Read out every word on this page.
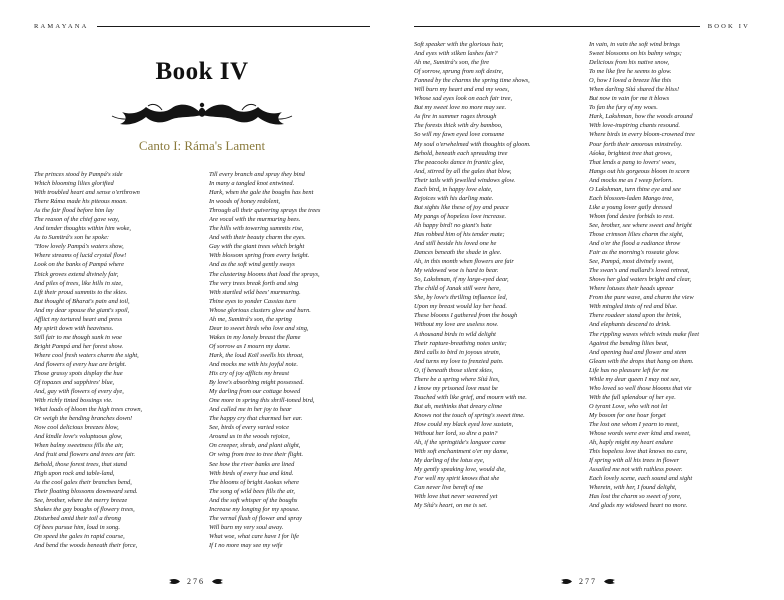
RAMAYANA
Book IV
Canto I: Ráma's Lament
The princes stood by Pampá's side
Which blooming lilies glorified
With troubled heart and sense o'erthrown
There Ráma made his piteous moan.
As the fair flood before him lay
The reason of the chief gave way,
And tender thoughts within him woke,
As to Sumitrá's son he spoke:
"How lovely Pampá's waters show,
Where streams of lucid crystal flow!
Look on the banks of Pampá where
Thick groves extend divinely fair,
And piles of trees, like hills in size,
Lift their proud summits to the skies.
But thought of Bharat's pain and toil,
And my dear spouse the giant's spoil,
Afflict my tortured heart and press
My spirit down with heaviness.
Still fair to me though sunk in woe
Bright Pampá and her forest show.
Where cool fresh waters charm the sight,
And flowers of every hue are bright.
Those grassy spots display the hue
Of topazes and sapphires' blue,
And, gay with flowers of every dye,
With richly tinted bossings vie.
What loads of bloom the high trees crown,
Or weigh the bending branches down!
Now cool delicious breezes blow,
And kindle love's voluptuous glow,
When balmy sweetness fills the air,
And fruit and flowers and trees are fair.
Behold, those forest trees, that stand
High upon rock and table-land,
As the cool gales their branches bend,
Their floating blossoms downward send.
See, brother, where the merry breeze
Shakes the gay boughs of flowery trees,
Disturbed amid their toil a throng
Of bees pursue him, loud in song.
On speed the gales in rapid course,
And bend the woods beneath their force,
Till every branch and spray they bind
In many a tangled knot entwined.
Hark, when the gale the boughs has bent
In woods of honey redolent,
Through all their quivering sprays the trees
Are vocal with the murmuring bees.
The hills with towering summits rise,
And with their beauty charm the eyes.
Gay with the giant trees which bright
With blossom spring from every height.
And as the soft wind gently sways
The clustering blooms that load the sprays,
The very trees break forth and sing
With startled wild bees' murmuring.
Thine eyes to yonder Cassias turn
Whose glorious clusters glow and burn.
Ah me, Sumitrá's son, the spring
Dear to sweet birds who love and sing,
Wakes in my lonely breast the flame
Of sorrow as I mourn my dame.
Hark, the loud Koïl swells his throat,
And mocks me with his joyful note.
His cry of joy afflicts my breast
By love's absorbing might possessed.
My darling from our cottage bowed
One more in spring this shrill-toned bird,
And called me in her joy to hear
The happy cry that charmed her ear.
See, birds of every varied voice
Around us in the woods rejoice,
On creeper, shrub, and plant alight,
Or wing from tree to tree their flight.
See how the river banks are lined
With birds of every hue and kind.
The blooms of bright Asokas where
The song of wild bees fills the air,
And the soft whisper of the boughs
Increase my longing for my spouse.
The vernal flush of flower and spray
Will burn my very soul away.
What woe, what care have I for life
If I no more may see my wife
276
BOOK IV
Soft speaker with the glorious hair,
And eyes with silken lashes fair?
Ah me, Sumitrá's son, the fire
Of sorrow, sprung from soft desire,
Fanned by the charms the spring time shows,
Will burn my heart and end my woes,
Whose sad eyes look on each fair tree,
But my sweet love no more may see.
As fire in summer rages through
The forests thick with dry bamboo,
So will my fawn eyed love consume
My soul o'erwhelmed with thoughts of gloom.
Behold, beneath each spreading tree
The peacocks dance in frantic glee,
And, stirred by all the gales that blow,
Their tails with jewelled windows glow.
Each bird, in happy love elate,
Rejoices with his darling mate.
But sights like these of joy and peace
My pangs of hopeless love increase.
Ah happy bird! no giant's hate
Has robbed him of his tender mate;
And still beside his loved one he
Dances beneath the shade in glee.
Ah, in this month when flowers are fair
My widowed woe is hard to bear.
So, Lakshman, if my large-eyed dear,
The child of Janak still were here,
She, by love's thrilling influence led,
Upon my breast would lay her head.
These blooms I gathered from the bough
Without my love are useless now.
A thousand birds in wild delight
Their rapture-breathing notes unite;
Bird calls to bird in joyous strain,
And turns my love to frenzied pain.
O, if beneath those silent skies,
There be a spring where Sítá lies,
I know my prisoned love must be
Touched with like grief, and mourn with me.
But ah, methinks that dreary clime
Knows not the touch of spring's sweet time.
How could my black eyed love sustain,
Without her lord, so dire a pain?
Ah, if the springtide's languor came
With soft enchantment o'er my dame,
My darling of the lotus eye,
My gently speaking love, would die,
For well my spirit knows that she
Can never live bereft of me
With love that never wavered yet
My Sítá's heart, on me is set.
In vain, in vain the soft wind brings
Sweet blossoms on his balmy wings;
Delicious from his native snow,
To me like fire he seems to glow.
O, how I loved a breeze like this
When darling Sítá shared the bliss!
But now in vain for me it blows
To fan the fury of my woes.
Hark, Lakshman, how the woods around
With love-inspiring chants resound.
Where birds in every bloom-crowned tree
Pour forth their amorous minstrelsy.
Aśoka, brightest tree that grows,
That lends a pang to lovers' woes,
Hangs out his gorgeous bloom in scorn
And mocks me as I weep forlorn.
O Lakshman, turn thine eye and see
Each blossom-laden Mango tree,
Like a young lover gaily dressed
Whom fond desire forbids to rest.
See, brother, see where sweet and bright
Those crimson lilies charm the sight,
And o'er the flood a radiance throw
Fair as the morning's roseate glow.
See, Pampá, most divinely sweet,
The swan's and mallard's loved retreat,
Shows her glad waters bright and clear,
Where lotuses their heads uprear
From the pure wave, and charm the view
With mingled tints of red and blue.
There roadeer stand upon the brink,
And elephants descend to drink.
The rippling waves which winds make fleet
Against the bending lilies beat,
And opening bud and flower and stem
Gleam with the drops that hang on them.
Life has no pleasure left for me
While my dear queen I may not see,
Who loved so well those blooms that vie
With the full splendour of her eye.
O tyrant Love, who wilt not let
My bosom for one hour forget
The lost one whom I yearn to meet,
Whose words were ever kind and sweet,
Ah, haply might my heart endure
This hopeless love that knows no cure,
If spring with all his trees in flower
Assailed me not with ruthless power.
Each lovely scene, each sound and sight
Wherein, with her, I found delight,
Has lost the charm so sweet of yore,
And glads my widowed heart no more.
277
